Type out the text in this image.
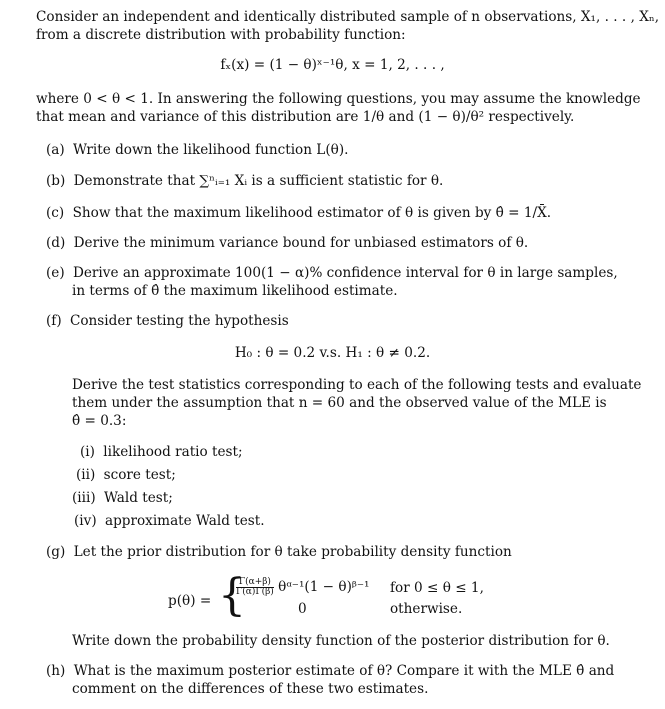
Consider an independent and identically distributed sample of n observations, X₁, . . . , Xₙ,
from a discrete distribution with probability function:
fₓ(x) = (1 − θ)ˣ⁻¹θ, x = 1, 2, . . . ,
where 0 < θ < 1. In answering the following questions, you may assume the knowledge
that mean and variance of this distribution are 1/θ and (1 − θ)/θ² respectively.
(a) Write down the likelihood function L(θ).
(b) Demonstrate that ∑ⁿᵢ₌₁ Xᵢ is a sufficient statistic for θ.
(c) Show that the maximum likelihood estimator of θ is given by θ̂ = 1/X̄.
(d) Derive the minimum variance bound for unbiased estimators of θ.
(e) Derive an approximate 100(1 − α)% confidence interval for θ in large samples,
in terms of θ̂ the maximum likelihood estimate.
(f) Consider testing the hypothesis
H₀ : θ = 0.2 v.s. H₁ : θ ≠ 0.2.
Derive the test statistics corresponding to each of the following tests and evaluate
them under the assumption that n = 60 and the observed value of the MLE is
θ̂ = 0.3:
(i) likelihood ratio test;
(ii) score test;
(iii) Wald test;
(iv) approximate Wald test.
(g) Let the prior distribution for θ take probability density function
p(θ) = {
$\frac{\Gamma(\alpha+\beta)}{\Gamma(\alpha)\Gamma(\beta)}$ θᵅ⁻¹(1 − θ)ᵝ⁻¹ for 0 ≤ θ ≤ 1,
0	otherwise.
Write down the probability density function of the posterior distribution for θ.
(h) What is the maximum posterior estimate of θ? Compare it with the MLE θ̂ and
comment on the differences of these two estimates.
